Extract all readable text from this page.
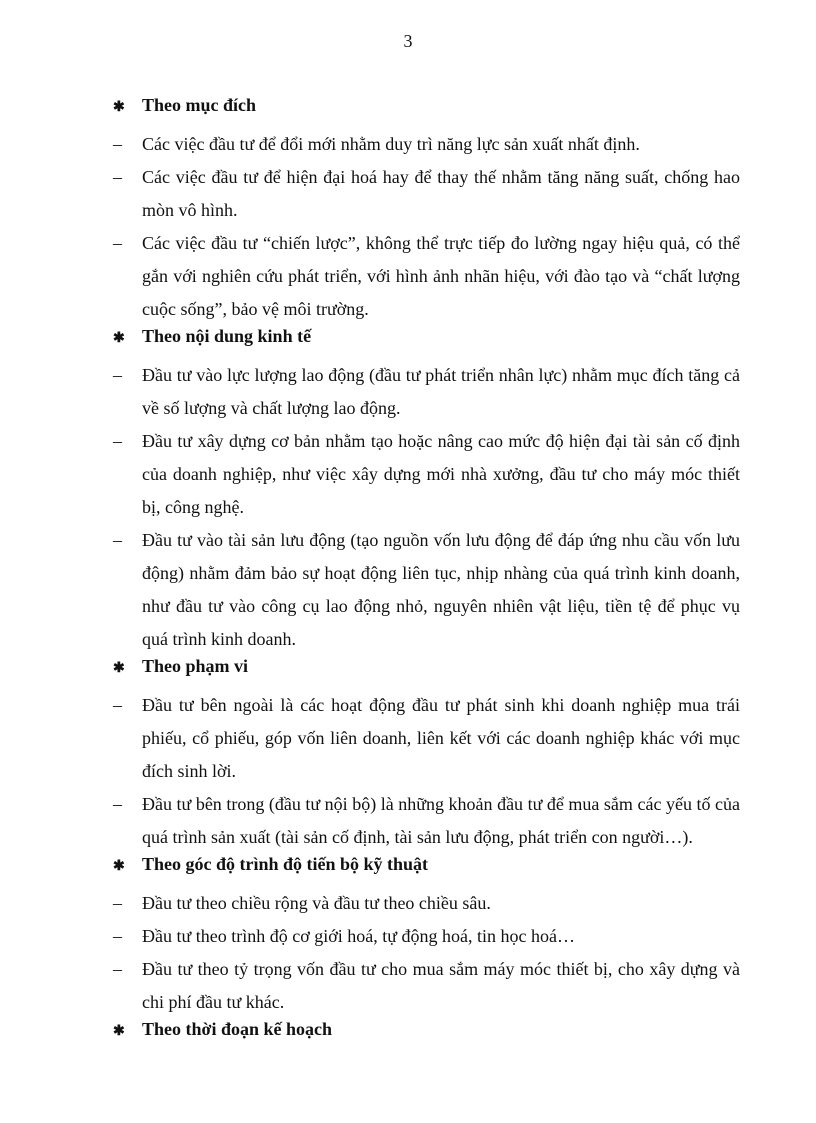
3
✱ Theo mục đích
–	Các việc đầu tư để đổi mới nhằm duy trì năng lực sản xuất nhất định.
–	Các việc đầu tư để hiện đại hoá hay để thay thế nhằm tăng năng suất, chống hao mòn vô hình.
–	Các việc đầu tư “chiến lược”, không thể trực tiếp đo lường ngay hiệu quả, có thể gắn với nghiên cứu phát triển, với hình ảnh nhãn hiệu, với đào tạo và “chất lượng cuộc sống”, bảo vệ môi trường.
✱ Theo nội dung kinh tế
–	Đầu tư vào lực lượng lao động (đầu tư phát triển nhân lực) nhằm mục đích tăng cả về số lượng và chất lượng lao động.
–	Đầu tư xây dựng cơ bản nhằm tạo hoặc nâng cao mức độ hiện đại tài sản cố định của doanh nghiệp, như việc xây dựng mới nhà xưởng, đầu tư cho máy móc thiết bị, công nghệ.
–	Đầu tư vào tài sản lưu động (tạo nguồn vốn lưu động để đáp ứng nhu cầu vốn lưu động) nhằm đảm bảo sự hoạt động liên tục, nhịp nhàng của quá trình kinh doanh, như đầu tư vào công cụ lao động nhỏ, nguyên nhiên vật liệu, tiền tệ để phục vụ quá trình kinh doanh.
✱ Theo phạm vi
–	Đầu tư bên ngoài là các hoạt động đầu tư phát sinh khi doanh nghiệp mua trái phiếu, cổ phiếu, góp vốn liên doanh, liên kết với các doanh nghiệp khác với mục đích sinh lời.
–	Đầu tư bên trong (đầu tư nội bộ) là những khoản đầu tư để mua sắm các yếu tố của quá trình sản xuất (tài sản cố định, tài sản lưu động, phát triển con người…).
✱ Theo góc độ trình độ tiến bộ kỹ thuật
–	Đầu tư theo chiều rộng và đầu tư theo chiều sâu.
–	Đầu tư theo trình độ cơ giới hoá, tự động hoá, tin học hoá…
–	Đầu tư theo tỷ trọng vốn đầu tư cho mua sắm máy móc thiết bị, cho xây dựng và chi phí đầu tư khác.
✱ Theo thời đoạn kế hoạch
